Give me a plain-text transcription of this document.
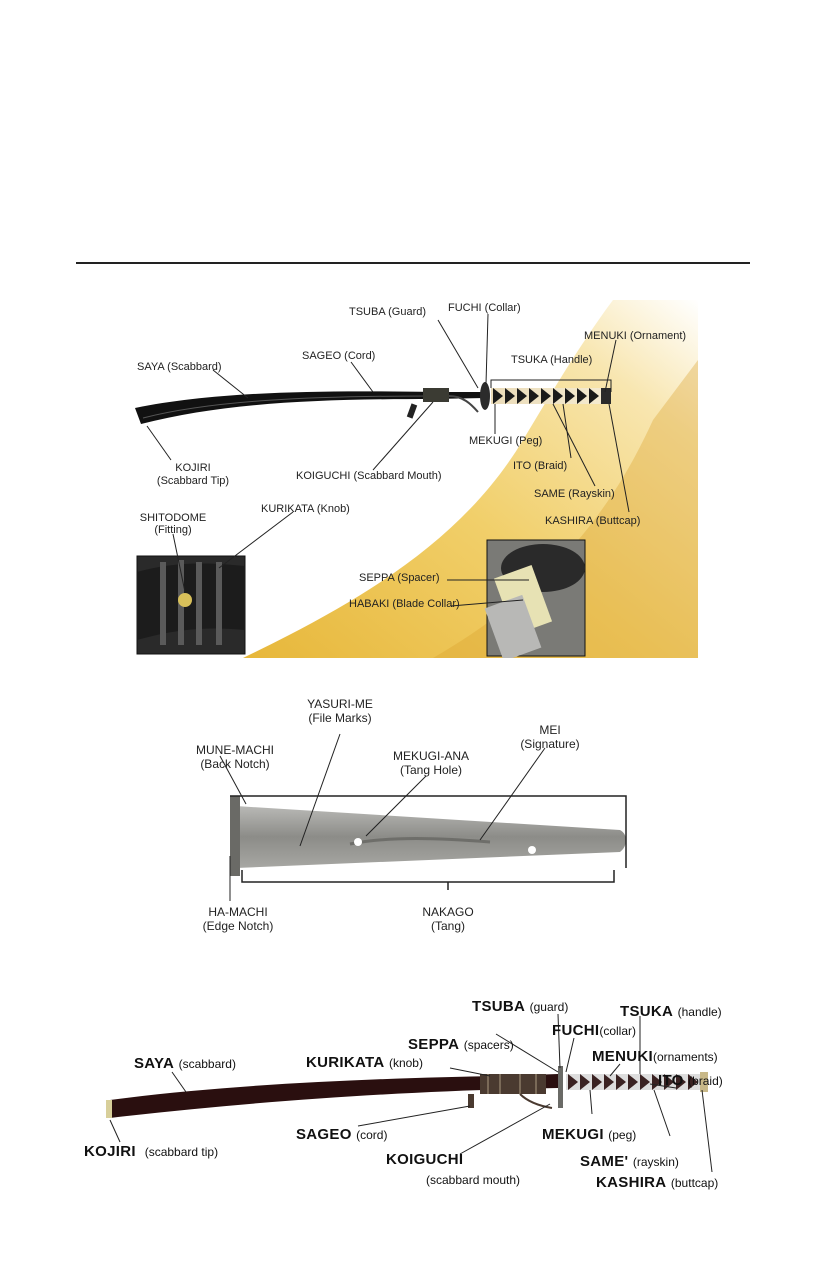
TSUBA (Guard) FUCHI (Collar)
MENUKI (Ornament)
SAGEO (Cord)
SAYA (Scabbard)
TSUKA (Handle)
MEKUGI (Peg)
ITO (Braid)
KOJIRI
(Scabbard Tip)	KOIGUCHI (Scabbard Mouth)
SAME (Rayskin)
KASHIRA (Buttcap)
SHITODOME
(Fitting)
KURIKATA (Knob)
SEPPA (Spacer)
HABAKI (Blade Collar)
YASURI-ME
(File Marks)
MEI
(Signature)
MUNE-MACHI
(Back Notch)
MEKUGI-ANA
(Tang Hole)
HA-MACHI
(Edge Notch)
NAKAGO
(Tang)
TSUBA (guard)	TSUKA (handle)
FUCHI(collar)
SEPPA (spacers)
MENUKI(ornaments)
SAYA (scabbard)	KURIKATA (knob)
ITO (braid)
SAGEO (cord)	MEKUGI (peg)
KOJIRI (scabbard tip)	KOIGUCHI	SAME' (rayskin)
(scabbard mouth)	KASHIRA (buttcap)
